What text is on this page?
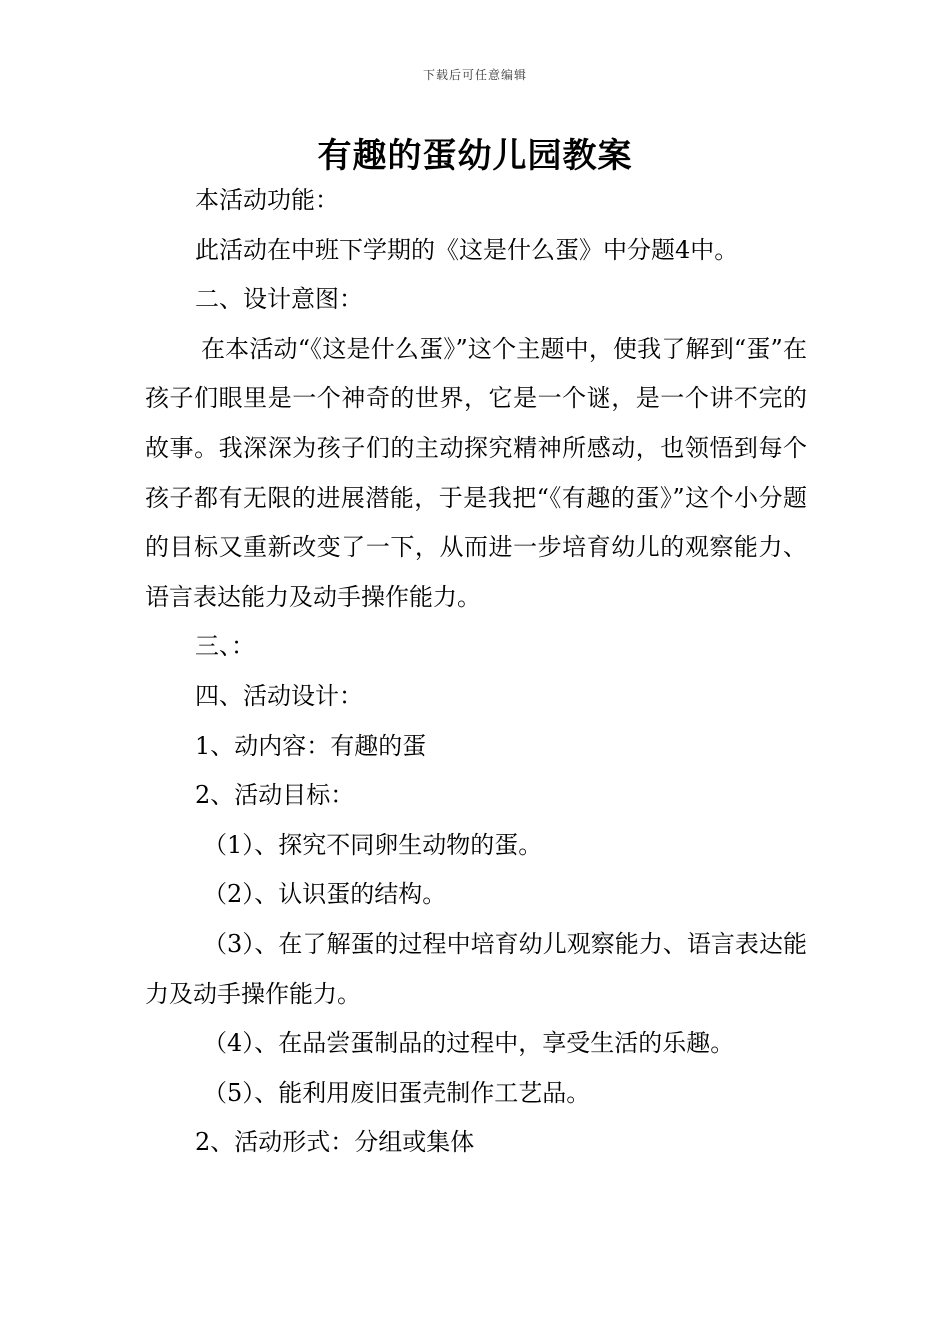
下载后可任意编辑
有趣的蛋幼儿园教案

本活动功能：

此活动在中班下学期的《这是什么蛋》中分题4中。

二、设计意图：

在本活动“《这是什么蛋》”这个主题中，使我了解到“蛋”在孩子们眼里是一个神奇的世界，它是一个谜，是一个讲不完的故事。我深深为孩子们的主动探究精神所感动，也领悟到每个孩子都有无限的进展潜能，于是我把“《有趣的蛋》”这个小分题的目标又重新改变了一下，从而进一步培育幼儿的观察能力、语言表达能力及动手操作能力。

三、：

四、活动设计：

1、动内容：有趣的蛋

2、活动目标：

（1）、探究不同卵生动物的蛋。

（2）、认识蛋的结构。

（3）、在了解蛋的过程中培育幼儿观察能力、语言表达能力及动手操作能力。

（4）、在品尝蛋制品的过程中，享受生活的乐趣。

（5）、能利用废旧蛋壳制作工艺品。

2、活动形式：分组或集体
